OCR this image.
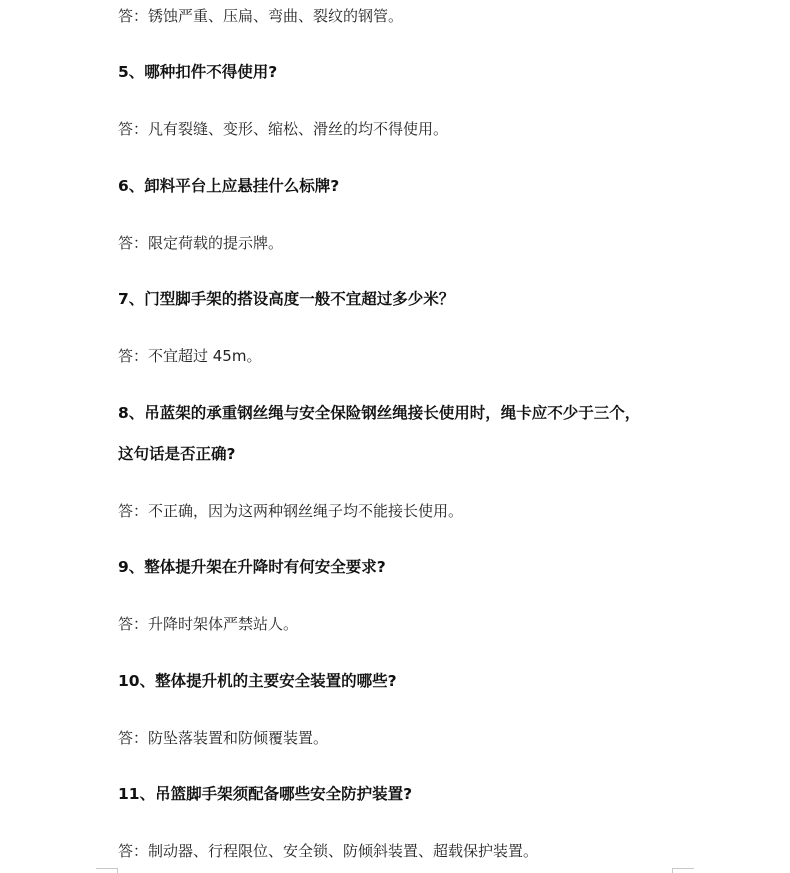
答：锈蚀严重、压扁、弯曲、裂纹的钢管。
5、哪种扣件不得使用?
答：凡有裂缝、变形、缩松、滑丝的均不得使用。
6、卸料平台上应悬挂什么标牌?
答：限定荷载的提示牌。
7、门型脚手架的搭设高度一般不宜超过多少米？
答：不宜超过 45m。
8、吊蓝架的承重钢丝绳与安全保险钢丝绳接长使用时，绳卡应不少于三个，
这句话是否正确?
答：不正确，因为这两种钢丝绳子均不能接长使用。
9、整体提升架在升降时有何安全要求?
答：升降时架体严禁站人。
10、整体提升机的主要安全装置的哪些?
答：防坠落装置和防倾覆装置。
11、吊篮脚手架须配备哪些安全防护装置?
答：制动器、行程限位、安全锁、防倾斜装置、超载保护装置。
